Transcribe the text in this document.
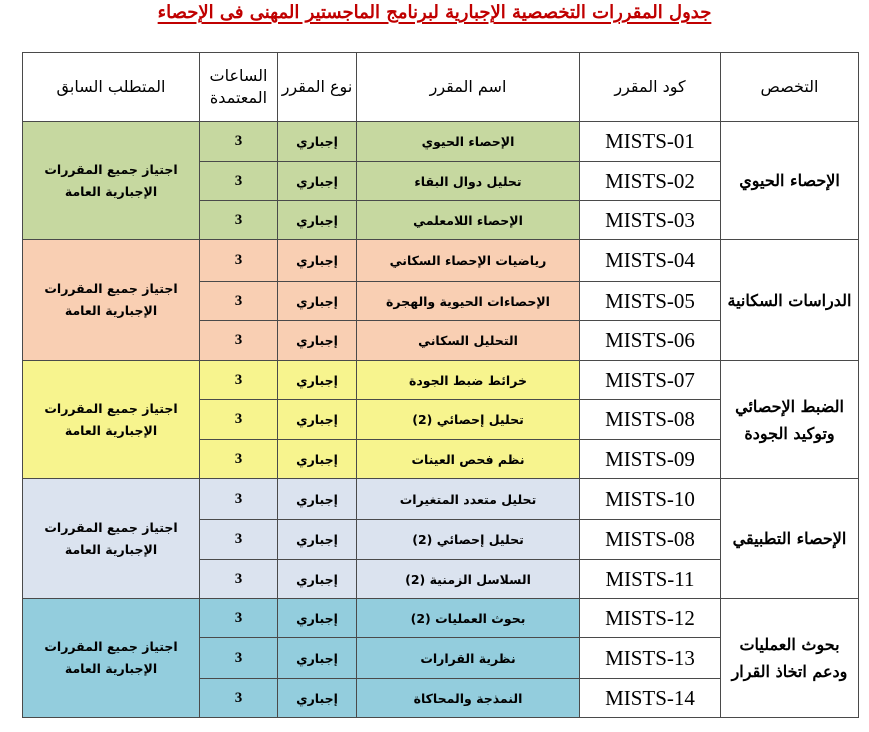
جدول المقررات التخصصية الإجبارية لبرنامج الماجستير المهنى فى الإحصاء
التخصص	كود المقرر	اسم المقرر	نوع المقرر	الساعات المعتمدة	المتطلب السابق
الإحصاء الحيوي	MISTS-01	الإحصاء الحيوي	إجباري	3	اجتياز جميع المقررات الإجبارية العامة
	MISTS-02	تحليل دوال البقاء	إجباري	3	
	MISTS-03	الإحصاء اللامعلمي	إجباري	3	
الدراسات السكانية	MISTS-04	رياضيات الإحصاء السكاني	إجباري	3	اجتياز جميع المقررات الإجبارية العامة
	MISTS-05	الإحصاءات الحيوية والهجرة	إجباري	3	
	MISTS-06	التحليل السكاني	إجباري	3	
الضبط الإحصائي وتوكيد الجودة	MISTS-07	خرائط ضبط الجودة	إجباري	3	اجتياز جميع المقررات الإجبارية العامة
	MISTS-08	تحليل إحصائي (2)	إجباري	3	
	MISTS-09	نظم فحص العينات	إجباري	3	
الإحصاء التطبيقي	MISTS-10	تحليل متعدد المتغيرات	إجباري	3	اجتياز جميع المقررات الإجبارية العامة
	MISTS-08	تحليل إحصائي (2)	إجباري	3	
	MISTS-11	السلاسل الزمنية (2)	إجباري	3	
بحوث العمليات ودعم اتخاذ القرار	MISTS-12	بحوث العمليات (2)	إجباري	3	اجتياز جميع المقررات الإجبارية العامة
	MISTS-13	نظرية القرارات	إجباري	3	
	MISTS-14	النمذجة والمحاكاة	إجباري	3	
